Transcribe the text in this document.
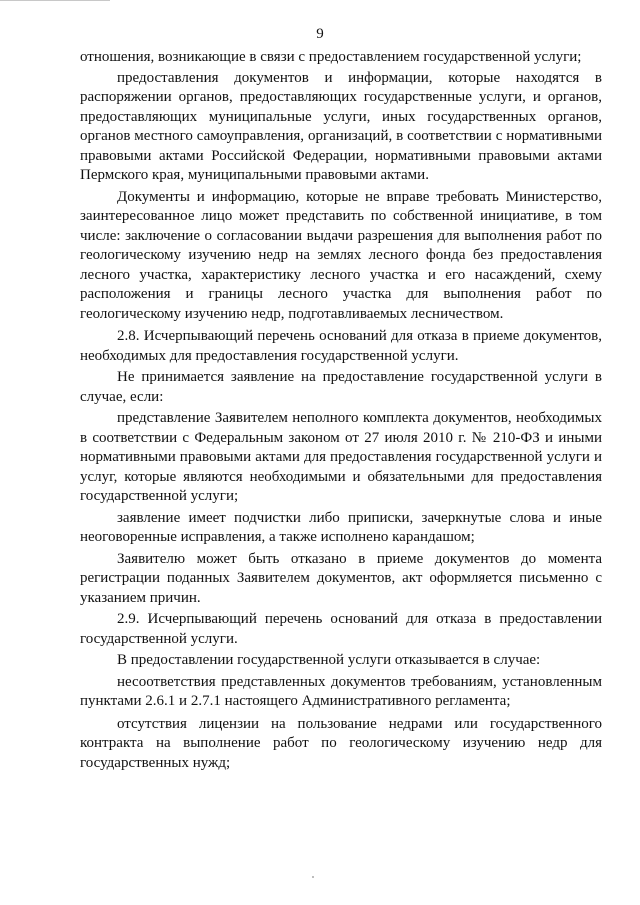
9

отношения, возникающие в связи с предоставлением государственной услуги;

предоставления документов и информации, которые находятся в распоряжении органов, предоставляющих государственные услуги, и органов, предоставляющих муниципальные услуги, иных государственных органов, органов местного самоуправления, организаций, в соответствии с нормативными правовыми актами Российской Федерации, нормативными правовыми актами Пермского края, муниципальными правовыми актами.

Документы и информацию, которые не вправе требовать Министерство, заинтересованное лицо может представить по собственной инициативе, в том числе: заключение о согласовании выдачи разрешения для выполнения работ по геологическому изучению недр на землях лесного фонда без предоставления лесного участка, характеристику лесного участка и его насаждений, схему расположения и границы лесного участка для выполнения работ по геологическому изучению недр, подготавливаемых лесничеством.

2.8. Исчерпывающий перечень оснований для отказа в приеме документов, необходимых для предоставления государственной услуги.

Не принимается заявление на предоставление государственной услуги в случае, если:

представление Заявителем неполного комплекта документов, необходимых в соответствии с Федеральным законом от 27 июля 2010 г. № 210-ФЗ и иными нормативными правовыми актами для предоставления государственной услуги и услуг, которые являются необходимыми и обязательными для предоставления государственной услуги;

заявление имеет подчистки либо приписки, зачеркнутые слова и иные неоговоренные исправления, а также исполнено карандашом;

Заявителю может быть отказано в приеме документов до момента регистрации поданных Заявителем документов, акт оформляется письменно с указанием причин.

2.9. Исчерпывающий перечень оснований для отказа в предоставлении государственной услуги.

В предоставлении государственной услуги отказывается в случае:

несоответствия представленных документов требованиям, установленным пунктами 2.6.1 и 2.7.1 настоящего Административного регламента;

отсутствия лицензии на пользование недрами или государственного контракта на выполнение работ по геологическому изучению недр для государственных нужд;
